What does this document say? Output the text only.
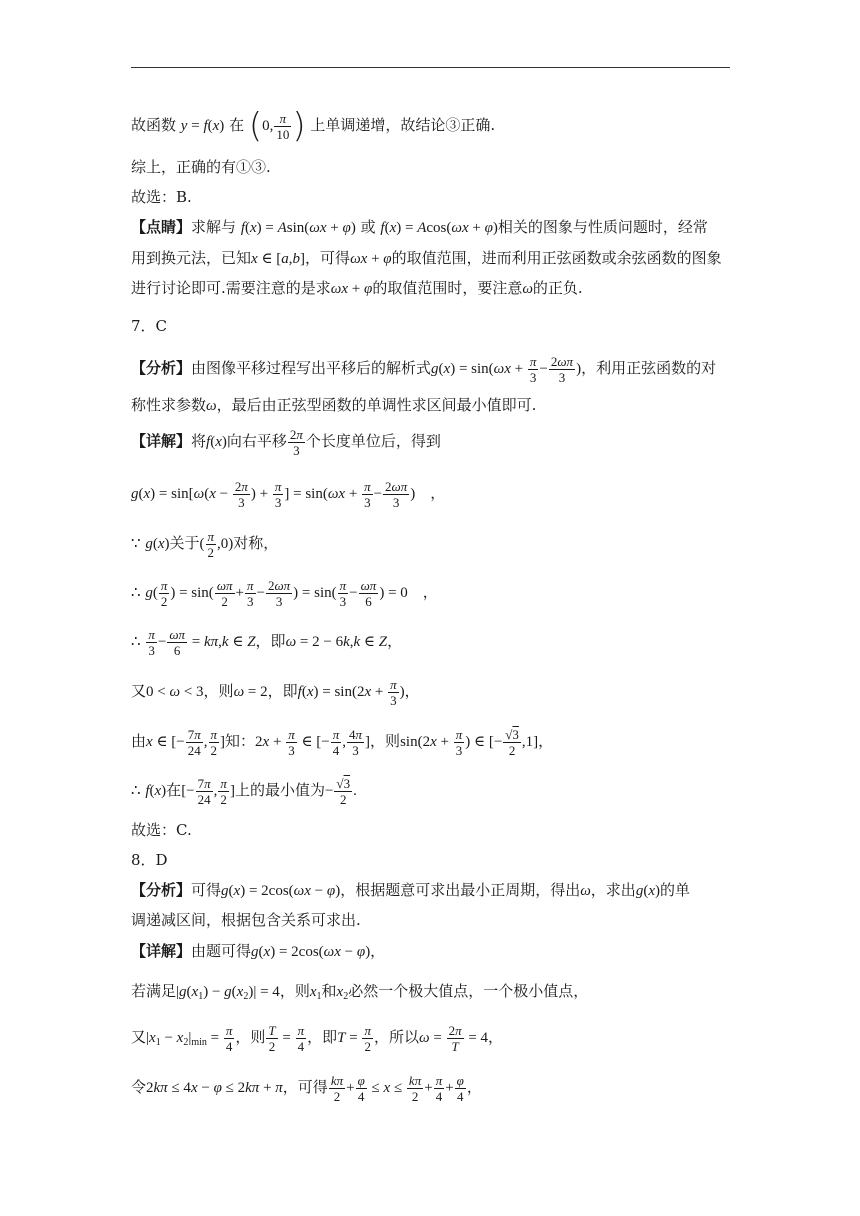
故函数 y = f(x) 在 (0, $\frac{\pi}{10}$ ) 上单调递增，故结论③正确.
综上，正确的有①③.
故选：B.
【点睛】求解与 f(x) = Asin(ωx + φ) 或 f(x) = Acos(ωx + φ)相关的图象与性质问题时，经常
用到换元法，已知x ∈ [a,b]，可得ωx + φ的取值范围，进而利用正弦函数或余弦函数的图象
进行讨论即可.需要注意的是求ωx + φ的取值范围时，要注意ω的正负.
7．C
【分析】由图像平移过程写出平移后的解析式$g(x) = \sin(\omega x + \frac{\pi}{3} - \frac{2\omega\pi}{3}$ )，利用正弦函数的对
称性求参数ω，最后由正弦型函数的单调性求区间最小值即可.
【详解】将f(x)向右平移 $\frac{2\pi}{3}$ 个长度单位后，得到
$g(x) = \sin[\omega(x - \frac{2\pi}{3}$ ) + $\frac{\pi}{3}$ ] = $\sin(\omega x + \frac{\pi}{3} - \frac{2\omega\pi}{3}$ )　，
∵ g(x)关于( $\frac{\pi}{2} ,0$)对称，
∴ $g( \frac{\pi}{2}$ ) = $\sin( \frac{\omega\pi}{2} + \frac{\pi}{3} - \frac{2\omega\pi}{3}$ ) = $\sin( \frac{\pi}{3} - \frac{\omega\pi}{6}$ ) = 0　，
∴ $\frac{\pi}{3} - \frac{\omega\pi}{6} = k\pi,k$ ∈ Z，即ω = 2 − 6k,k ∈ Z，
又0 < ω < 3，则ω = 2，即$f(x) = \sin(2x + \frac{\pi}{3}$ )，
由x ∈ [− $\frac{7\pi}{24}$ , $\frac{\pi}{2}$ ]知：$2x + \frac{\pi}{3}$ ∈ [− $\frac{\pi}{4}$ , $\frac{4\pi}{3}$ ]，则$\sin(2x + \frac{\pi}{3}$ ) ∈ [− $\frac{√3}{2} ,1$]，
∴ f(x)在[− $\frac{7\pi}{24}$ , $\frac{\pi}{2}$ ]上的最小值为− $\frac{√3}{2}$ .
故选：C.
8．D
【分析】可得g(x) = 2cos(ωx − φ)，根据题意可求出最小正周期，得出ω，求出g(x)的单
调递减区间，根据包含关系可求出.
【详解】由题可得g(x) = 2cos(ωx − φ)，
若满足$|g(x_1) - g(x_2)| = 4$，则$x_1$和$x_2$必然一个极大值点，一个极小值点，
又$|x_1 - x_2|_{min} = \frac{\pi}{4}$ ，则 $\frac{T}{2} = \frac{\pi}{4}$ ，即$T = \frac{\pi}{2}$ ，所以$\omega = \frac{2\pi}{T} = 4$，
令2kπ ≤ 4x − φ ≤ 2kπ + π，可得 $\frac{k\pi}{2} + \frac{\varphi}{4} \le x \le \frac{k\pi}{2} + \frac{\pi}{4} + \frac{\varphi}{4}$ ，
